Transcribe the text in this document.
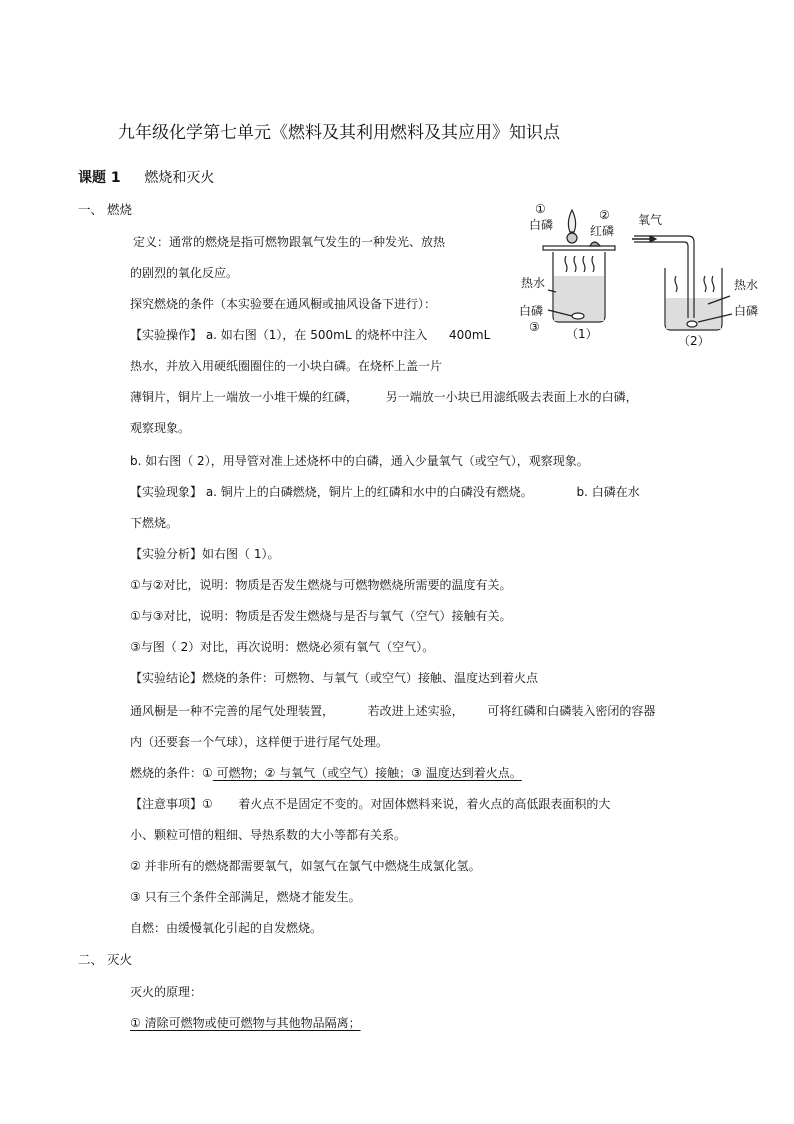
九年级化学第七单元《燃料及其利用燃料及其应用》知识点
课题 1 燃烧和灭火
一、 燃烧
定义：通常的燃烧是指可燃物跟氧气发生的一种发光、放热
的剧烈的氧化反应。
探究燃烧的条件（本实验要在通风橱或抽风设备下进行）：
【实验操作】 a. 如右图（1），在 500mL 的烧杯中注入 400mL
热水，并放入用硬纸圈圈住的一小块白磷。在烧杯上盖一片
薄铜片，铜片上一端放一小堆干燥的红磷， 另一端放一小块已用滤纸吸去表面上水的白磷，
观察现象。
b. 如右图（ 2），用导管对准上述烧杯中的白磷，通入少量氧气（或空气），观察现象。
【实验现象】 a. 铜片上的白磷燃烧，铜片上的红磷和水中的白磷没有燃烧。	b. 白磷在水
下燃烧。
【实验分析】如右图（ 1）。
①与②对比，说明：物质是否发生燃烧与可燃物燃烧所需要的温度有关。
①与③对比，说明：物质是否发生燃烧与是否与氧气（空气）接触有关。
③与图（ 2）对比，再次说明：燃烧必须有氧气（空气）。
【实验结论】燃烧的条件：可燃物、与氧气（或空气）接触、温度达到着火点
通风橱是一种不完善的尾气处理装置，	若改进上述实验， 可将红磷和白磷装入密闭的容器
内（还要套一个气球），这样便于进行尾气处理。
燃烧的条件：① 可燃物；② 与氧气（或空气）接触；③ 温度达到着火点。
【注意事项】① 着火点不是固定不变的。对固体燃料来说，着火点的高低跟表面积的大
小、颗粒可惜的粗细、导热系数的大小等都有关系。
② 并非所有的燃烧都需要氧气，如氢气在氯气中燃烧生成氯化氢。
③ 只有三个条件全部满足，燃烧才能发生。
自燃：由缓慢氧化引起的自发燃烧。
二、 灭火
灭火的原理：
① 清除可燃物或使可燃物与其他物品隔离；
①
白磷
②
红磷
热水
白磷
③ （1）
氧气
热水
白磷
（2）
